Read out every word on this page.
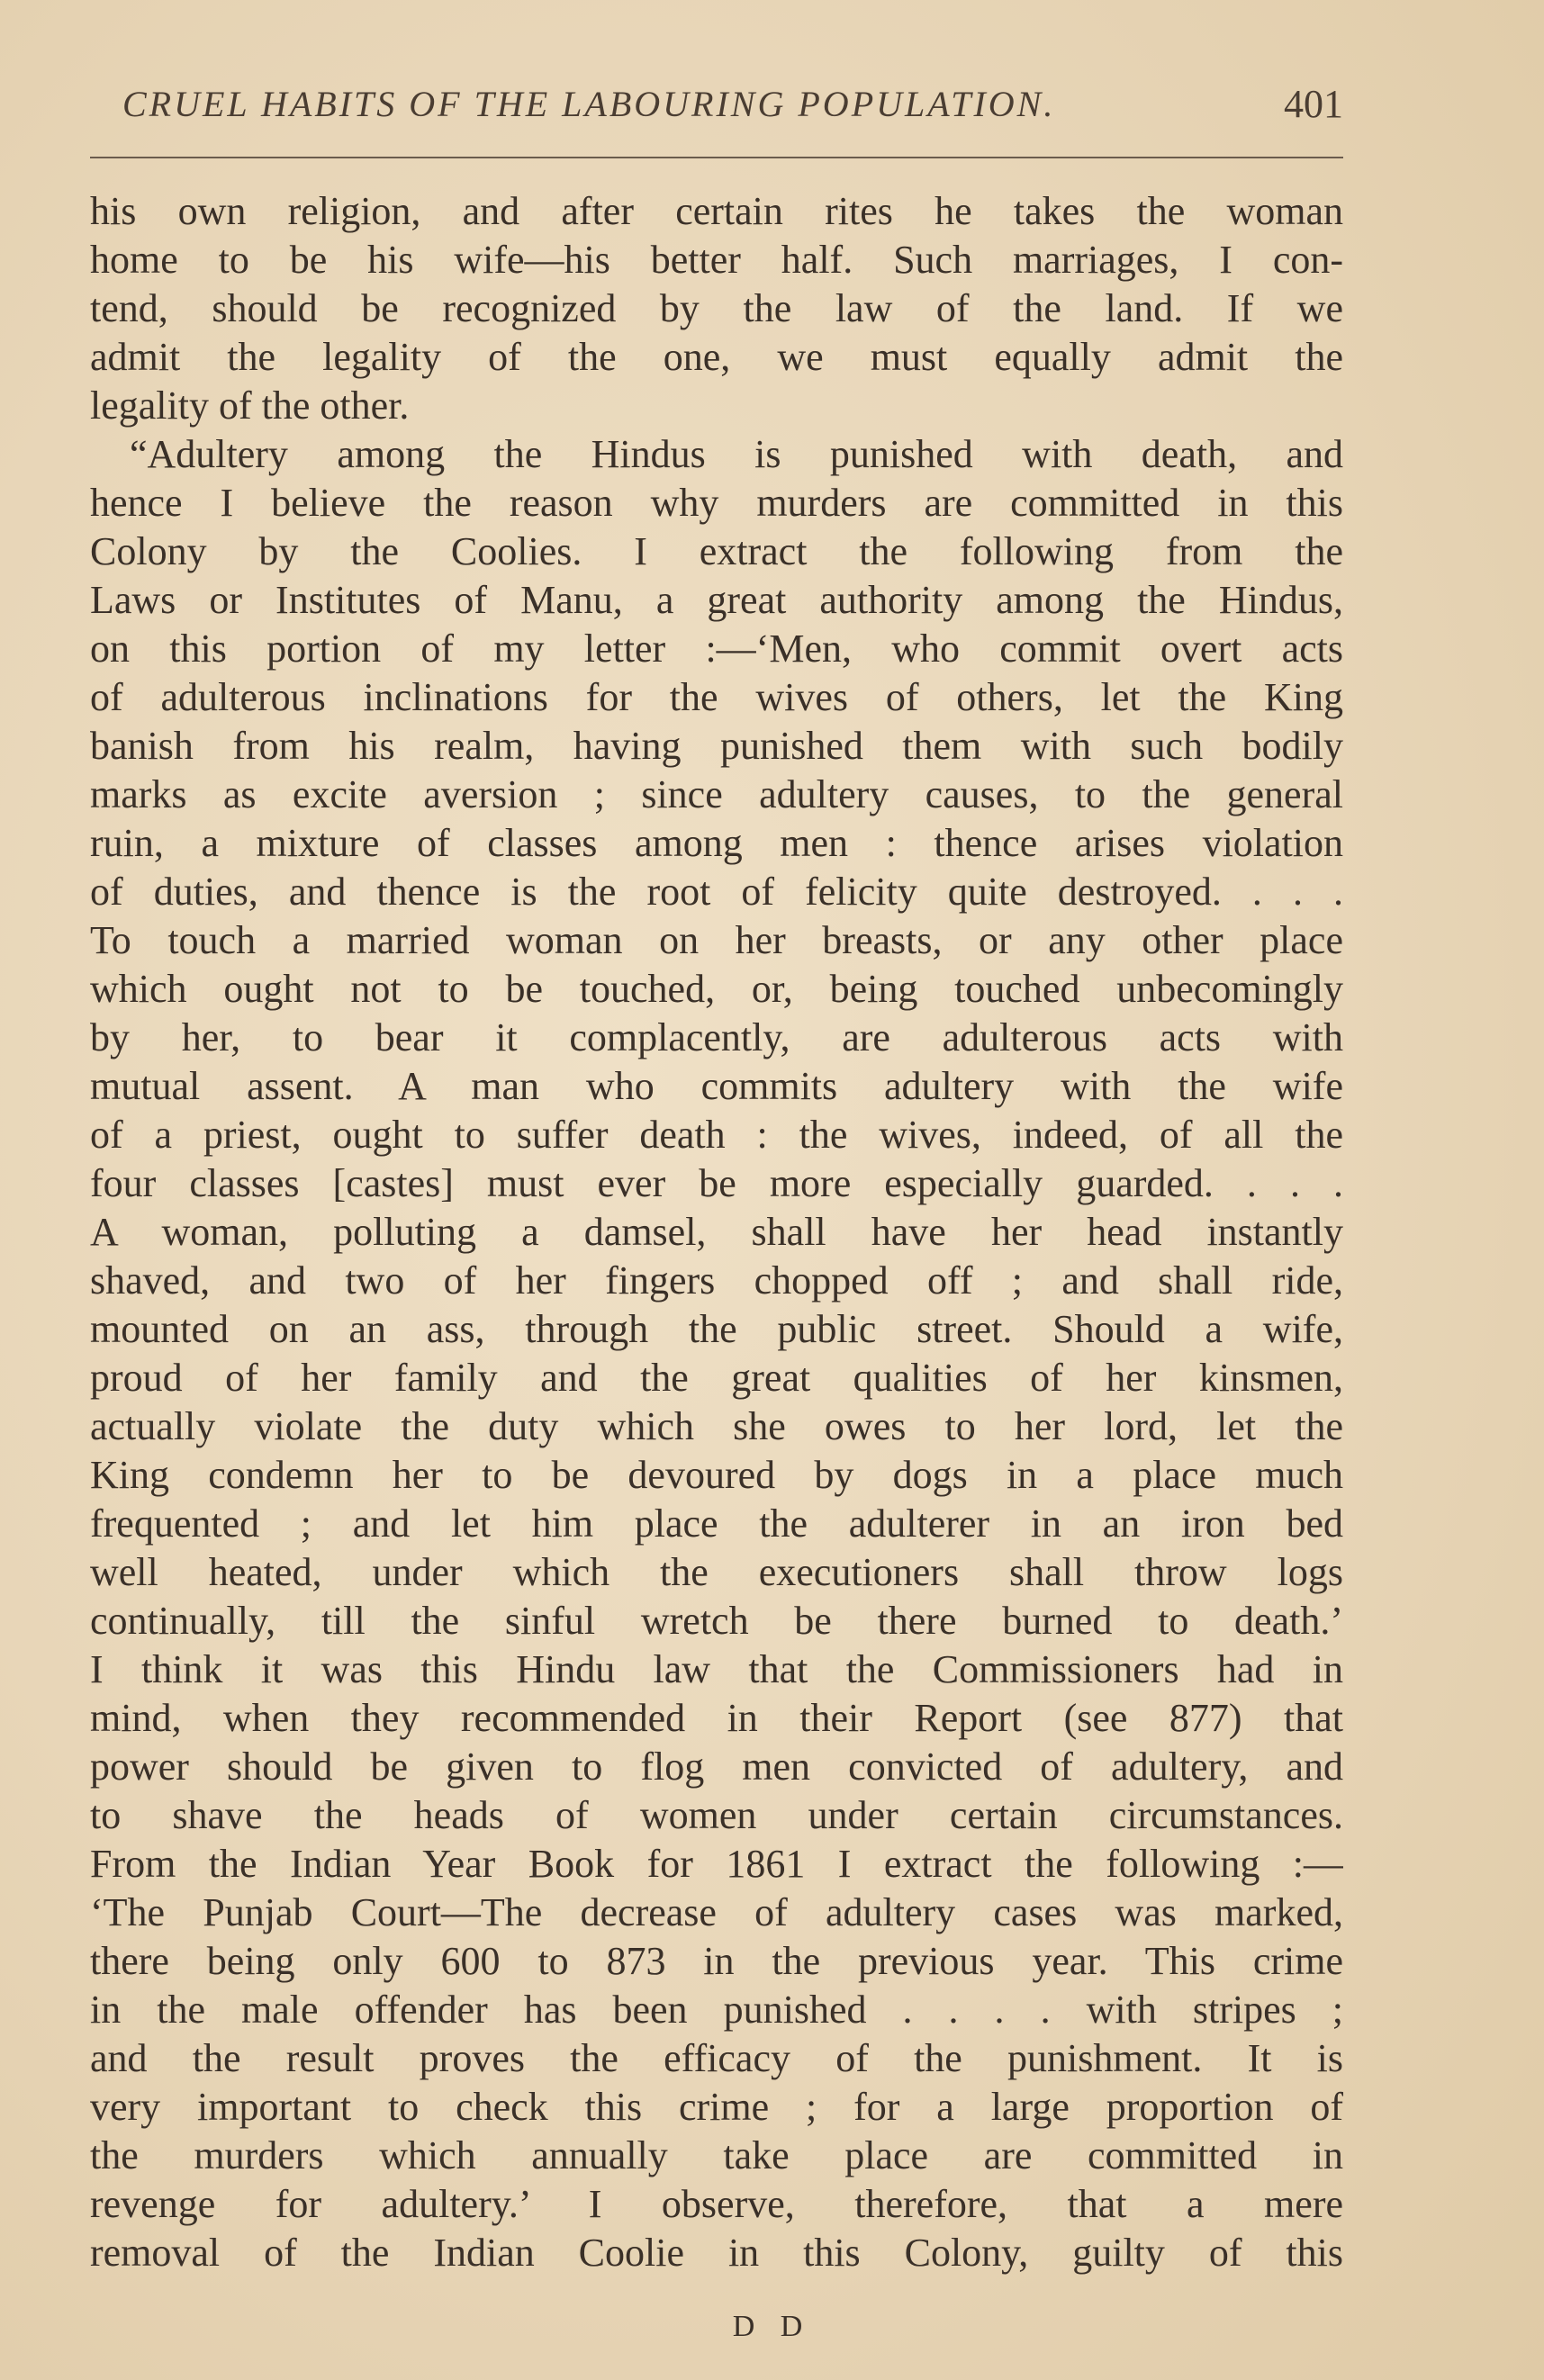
CRUEL HABITS OF THE LABOURING POPULATION.	401
his own religion, and after certain rites he takes the woman
home to be his wife—his better half. Such marriages, I con-
tend, should be recognized by the law of the land. If we
admit the legality of the one, we must equally admit the
legality of the other.
“Adultery among the Hindus is punished with death, and
hence I believe the reason why murders are committed in this
Colony by the Coolies. I extract the following from the
Laws or Institutes of Manu, a great authority among the Hindus,
on this portion of my letter :—‘Men, who commit overt acts
of adulterous inclinations for the wives of others, let the King
banish from his realm, having punished them with such bodily
marks as excite aversion ; since adultery causes, to the general
ruin, a mixture of classes among men : thence arises violation
of duties, and thence is the root of felicity quite destroyed. . . .
To touch a married woman on her breasts, or any other place
which ought not to be touched, or, being touched unbecomingly
by her, to bear it complacently, are adulterous acts with
mutual assent. A man who commits adultery with the wife
of a priest, ought to suffer death : the wives, indeed, of all the
four classes [castes] must ever be more especially guarded. . . .
A woman, polluting a damsel, shall have her head instantly
shaved, and two of her fingers chopped off ; and shall ride,
mounted on an ass, through the public street. Should a wife,
proud of her family and the great qualities of her kinsmen,
actually violate the duty which she owes to her lord, let the
King condemn her to be devoured by dogs in a place much
frequented ; and let him place the adulterer in an iron bed
well heated, under which the executioners shall throw logs
continually, till the sinful wretch be there burned to death.’
I think it was this Hindu law that the Commissioners had in
mind, when they recommended in their Report (see 877) that
power should be given to flog men convicted of adultery, and
to shave the heads of women under certain circumstances.
From the Indian Year Book for 1861 I extract the following :—
‘The Punjab Court—The decrease of adultery cases was marked,
there being only 600 to 873 in the previous year. This crime
in the male offender has been punished . . . . with stripes ;
and the result proves the efficacy of the punishment. It is
very important to check this crime ; for a large proportion of
the murders which annually take place are committed in
revenge for adultery.’ I observe, therefore, that a mere
removal of the Indian Coolie in this Colony, guilty of this
D D
